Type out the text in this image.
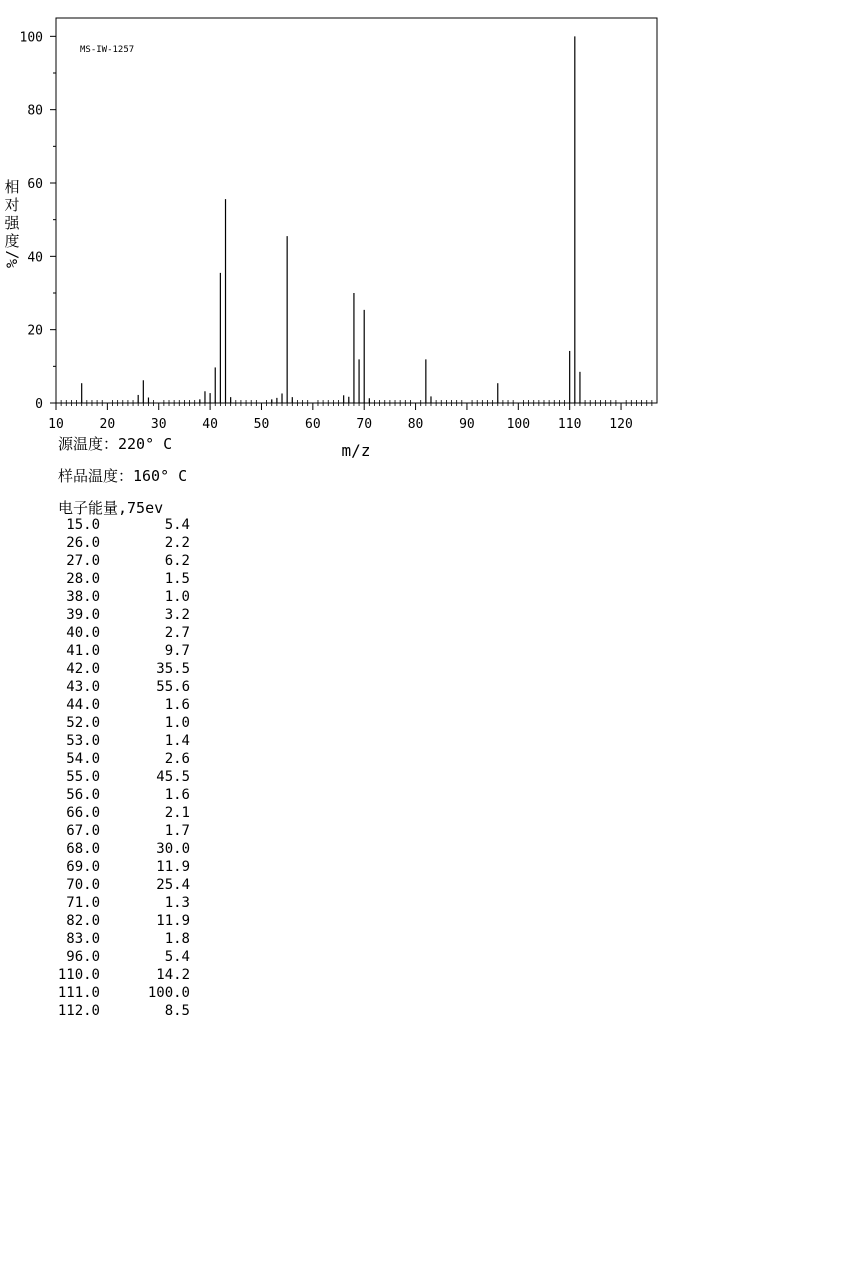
0
20
40
60
80
100
10	20	30	40	50	60	70	80	90 100 110 120
MS-IW-1257
m/z
相
对
强
度
%/
源温度：220° C
样品温度：160° C
电子能量,75ev
15.0	5.4
26.0	2.2
27.0	6.2
28.0	1.5
38.0	1.0
39.0	3.2
40.0	2.7
41.0	9.7
42.0	35.5
43.0	55.6
44.0	1.6
52.0	1.0
53.0	1.4
54.0	2.6
55.0	45.5
56.0	1.6
66.0	2.1
67.0	1.7
68.0	30.0
69.0	11.9
70.0	25.4
71.0	1.3
82.0	11.9
83.0	1.8
96.0	5.4
110.0	14.2
111.0	100.0
112.0	8.5
